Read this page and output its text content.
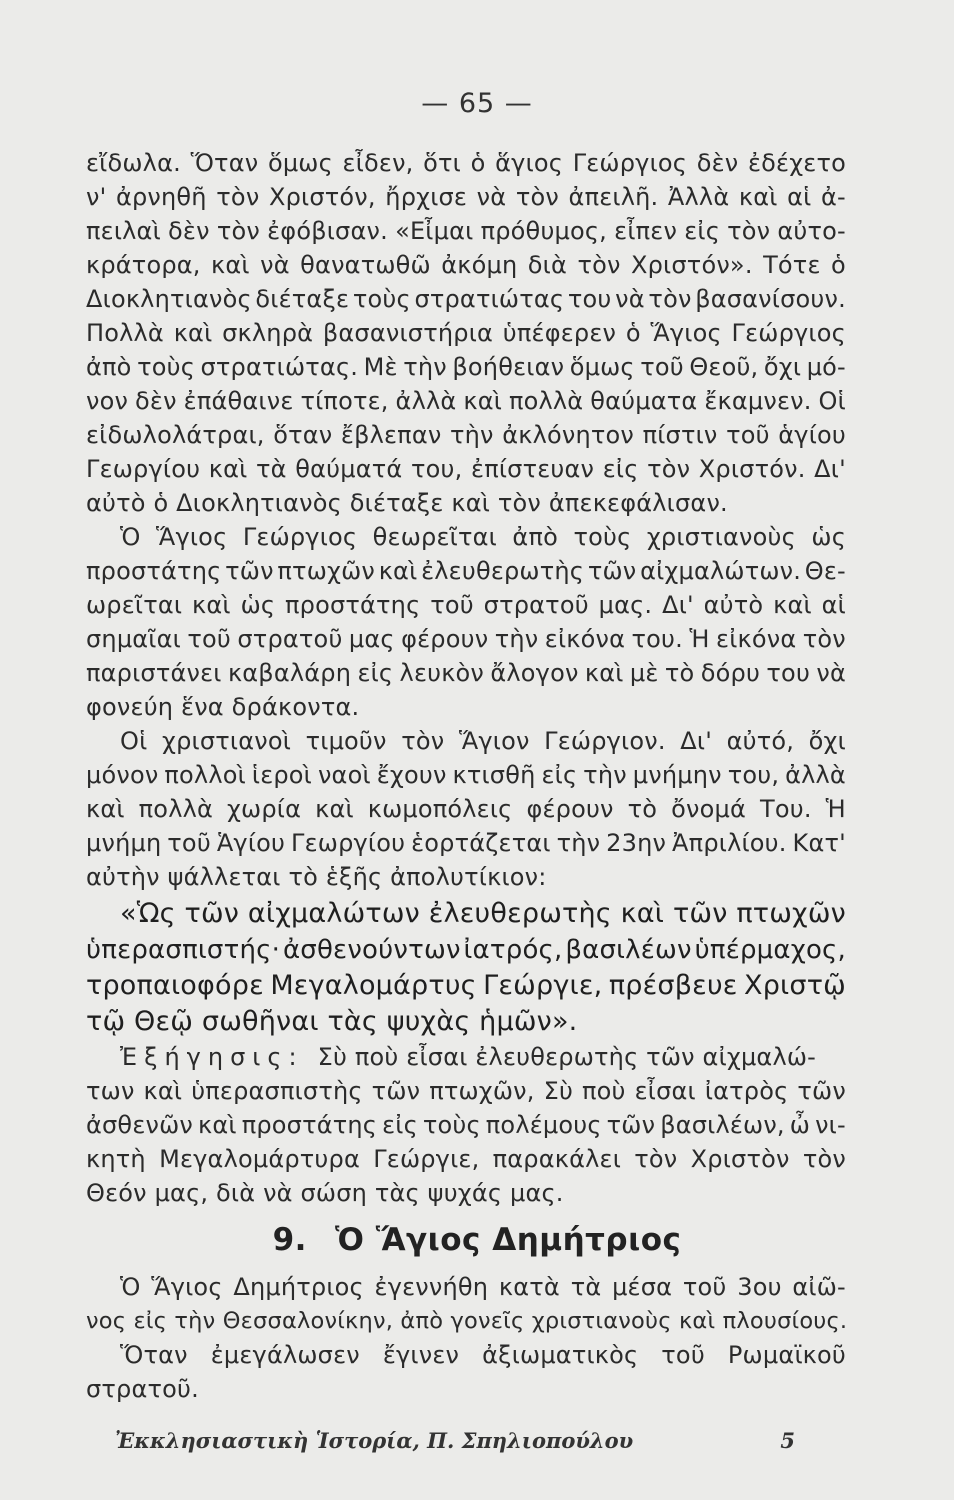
— 65 —
εἴδωλα. Ὅταν ὅμως εἶδεν, ὅτι ὁ ἅγιος Γεώργιος δὲν ἐδέχετο
ν' ἀρνηθῆ τὸν Χριστόν, ἤρχισε νὰ τὸν ἀπειλῆ. Ἀλλὰ καὶ αἱ ἀ-
πειλαὶ δὲν τὸν ἐφόβισαν. «Εἶμαι πρόθυμος, εἶπεν εἰς τὸν αὐτο-
κράτορα, καὶ νὰ θανατωθῶ ἀκόμη διὰ τὸν Χριστόν». Τότε ὁ
Διοκλητιανὸς διέταξε τοὺς στρατιώτας του νὰ τὸν βασανίσουν.
Πολλὰ καὶ σκληρὰ βασανιστήρια ὑπέφερεν ὁ Ἅγιος Γεώργιος
ἀπὸ τοὺς στρατιώτας. Μὲ τὴν βοήθειαν ὅμως τοῦ Θεοῦ, ὄχι μό-
νον δὲν ἐπάθαινε τίποτε, ἀλλὰ καὶ πολλὰ θαύματα ἔκαμνεν. Οἱ
εἰδωλολάτραι, ὅταν ἔβλεπαν τὴν ἀκλόνητον πίστιν τοῦ ἁγίου
Γεωργίου καὶ τὰ θαύματά του, ἐπίστευαν εἰς τὸν Χριστόν. Δι'
αὐτὸ ὁ Διοκλητιανὸς διέταξε καὶ τὸν ἀπεκεφάλισαν.
Ὁ Ἅγιος Γεώργιος θεωρεῖται ἀπὸ τοὺς χριστιανοὺς ὡς
προστάτης τῶν πτωχῶν καὶ ἐλευθερωτὴς τῶν αἰχμαλώτων. Θε-
ωρεῖται καὶ ὡς προστάτης τοῦ στρατοῦ μας. Δι' αὐτὸ καὶ αἱ
σημαῖαι τοῦ στρατοῦ μας φέρουν τὴν εἰκόνα του. Ἡ εἰκόνα τὸν
παριστάνει καβαλάρη εἰς λευκὸν ἄλογον καὶ μὲ τὸ δόρυ του νὰ
φονεύη ἕνα δράκοντα.
Οἱ χριστιανοὶ τιμοῦν τὸν Ἅγιον Γεώργιον. Δι' αὐτό, ὄχι
μόνον πολλοὶ ἱεροὶ ναοὶ ἔχουν κτισθῆ εἰς τὴν μνήμην του, ἀλλὰ
καὶ πολλὰ χωρία καὶ κωμοπόλεις φέρουν τὸ ὄνομά Του. Ἡ
μνήμη τοῦ Ἁγίου Γεωργίου ἑορτάζεται τὴν 23ην Ἀπριλίου. Κατ'
αὐτὴν ψάλλεται τὸ ἑξῆς ἀπολυτίκιον:
«Ὡς τῶν αἰχμαλώτων ἐλευθερωτὴς καὶ τῶν πτωχῶν
ὑπερασπιστής· ἀσθενούντων ἰατρός, βασιλέων ὑπέρμαχος,
τροπαιοφόρε Μεγαλομάρτυς Γεώργιε, πρέσβευε Χριστῷ
τῷ Θεῷ σωθῆναι τὰς ψυχὰς ἡμῶν».
Ἐξήγησις: Σὺ ποὺ εἶσαι ἐλευθερωτὴς τῶν αἰχμαλώ-
των καὶ ὑπερασπιστὴς τῶν πτωχῶν, Σὺ ποὺ εἶσαι ἰατρὸς τῶν
ἀσθενῶν καὶ προστάτης εἰς τοὺς πολέμους τῶν βασιλέων, ὦ νι-
κητὴ Μεγαλομάρτυρα Γεώργιε, παρακάλει τὸν Χριστὸν τὸν
Θεόν μας, διὰ νὰ σώση τὰς ψυχάς μας.
9. Ὁ Ἅγιος Δημήτριος
Ὁ Ἅγιος Δημήτριος ἐγεννήθη κατὰ τὰ μέσα τοῦ 3ου αἰῶ-
νος εἰς τὴν Θεσσαλονίκην, ἀπὸ γονεῖς χριστιανοὺς καὶ πλουσίους.
Ὅταν ἐμεγάλωσεν ἔγινεν ἀξιωματικὸς τοῦ Ρωμαϊκοῦ
στρατοῦ.
Ἐκκλησιαστικὴ Ἱστορία, Π. Σπηλιοπούλου	5
